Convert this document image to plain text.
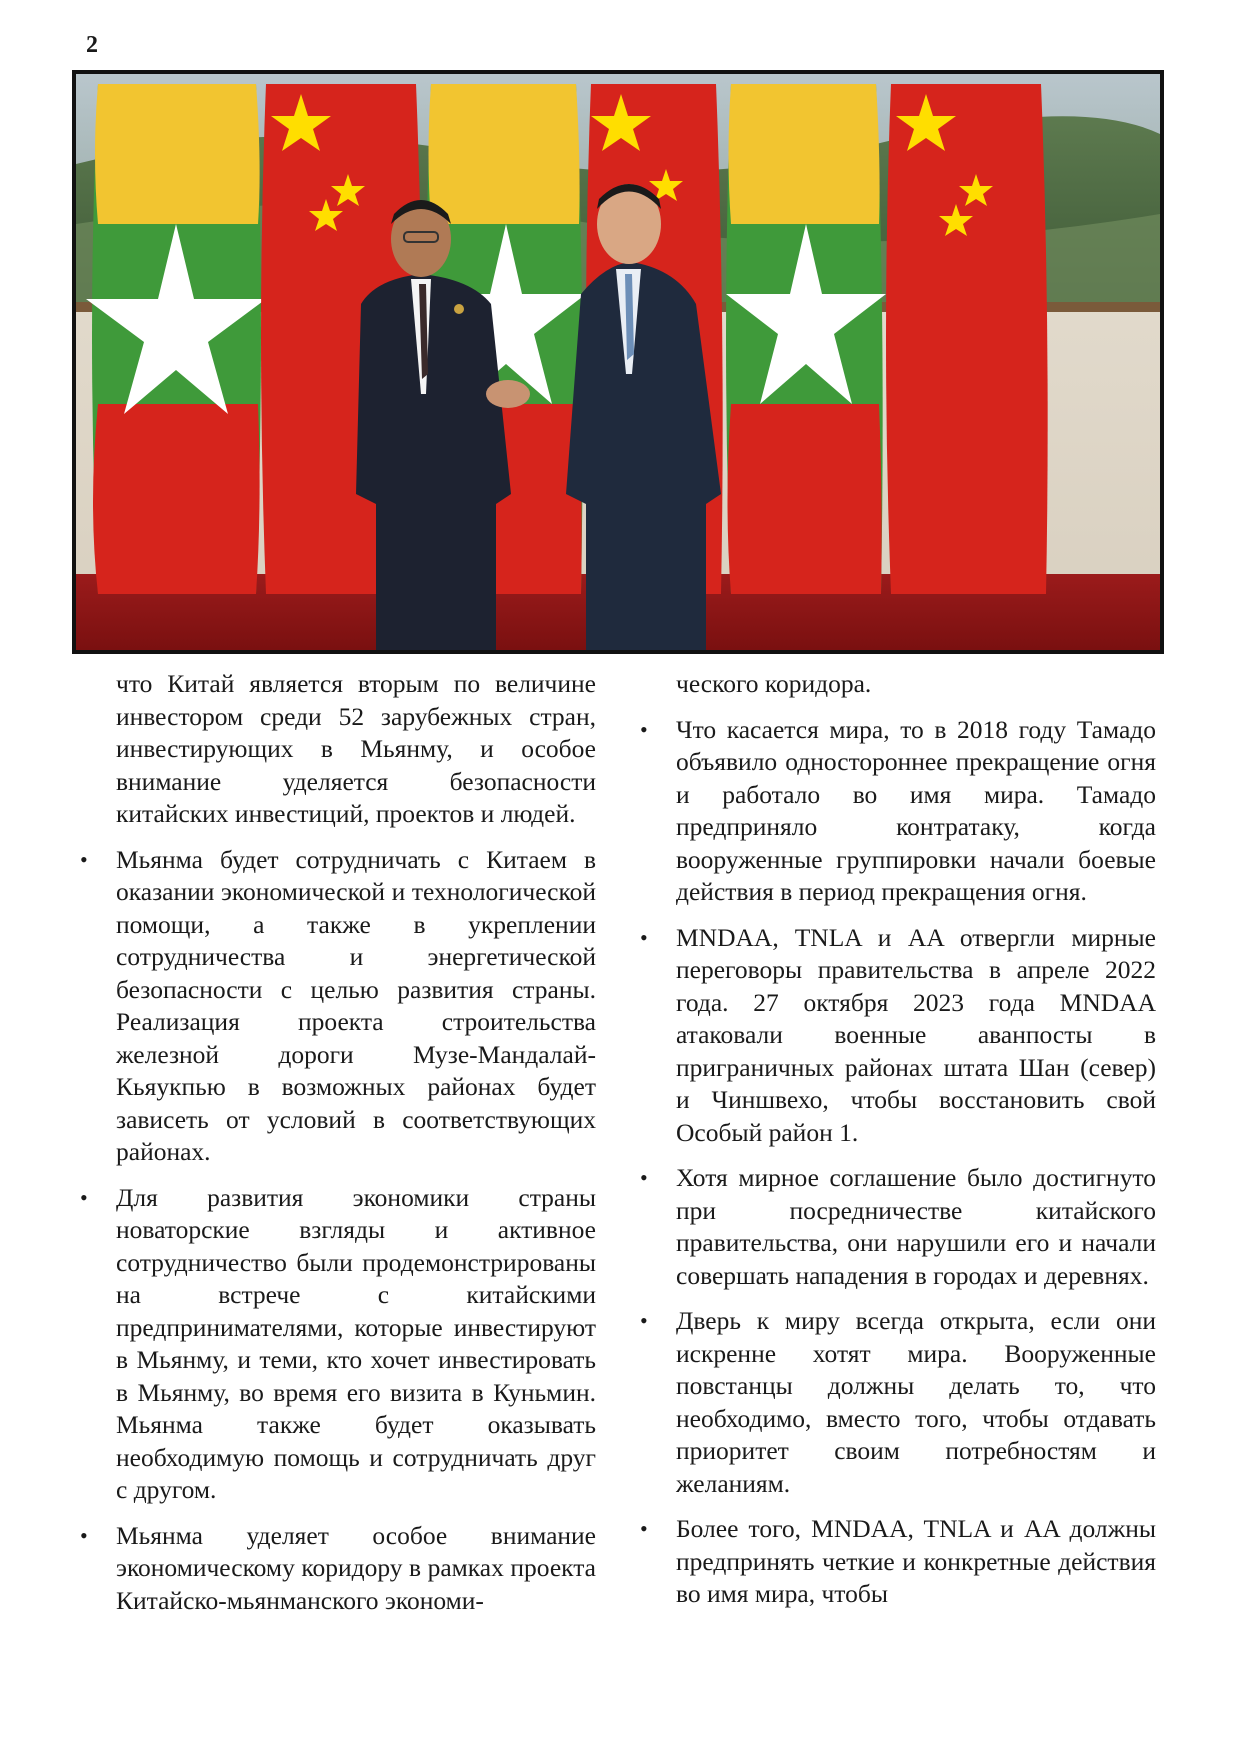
2

что Китай является вторым по величине инвестором среди 52 зарубежных стран, инвестирующих в Мьянму, и особое внимание уделяется безопасности китайских инвестиций, проектов и людей.

• Мьянма будет сотрудничать с Китаем в оказании экономической и технологической помощи, а также в укреплении сотрудничества и энергетической безопасности с целью развития страны. Реализация проекта строительства железной дороги Музе-Мандалай-Кьяукпью в возможных районах будет зависеть от условий в соответствующих районах.

• Для развития экономики страны новаторские взгляды и активное сотрудничество были продемонстрированы на встрече с китайскими предпринимателями, которые инвестируют в Мьянму, и теми, кто хочет инвестировать в Мьянму, во время его визита в Куньмин. Мьянма также будет оказывать необходимую помощь и сотрудничать друг с другом.

• Мьянма уделяет особое внимание экономическому коридору в рамках проекта Китайско-мьянманского экономи-

ческого коридора.

• Что касается мира, то в 2018 году Тамадо объявило одностороннее прекращение огня и работало во имя мира. Тамадо предприняло контратаку, когда вооруженные группировки начали боевые действия в период прекращения огня.

• MNDAA, TNLA и AA отвергли мирные переговоры правительства в апреле 2022 года. 27 октября 2023 года MNDAA атаковали военные аванпосты в приграничных районах штата Шан (север) и Чиншвехо, чтобы восстановить свой Особый район 1.

• Хотя мирное соглашение было достигнуто при посредничестве китайского правительства, они нарушили его и начали совершать нападения в городах и деревнях.

• Дверь к миру всегда открыта, если они искренне хотят мира. Вооруженные повстанцы должны делать то, что необходимо, вместо того, чтобы отдавать приоритет своим потребностям и желаниям.

• Более того, MNDAA, TNLA и AA должны предпринять четкие и конкретные действия во имя мира, чтобы
